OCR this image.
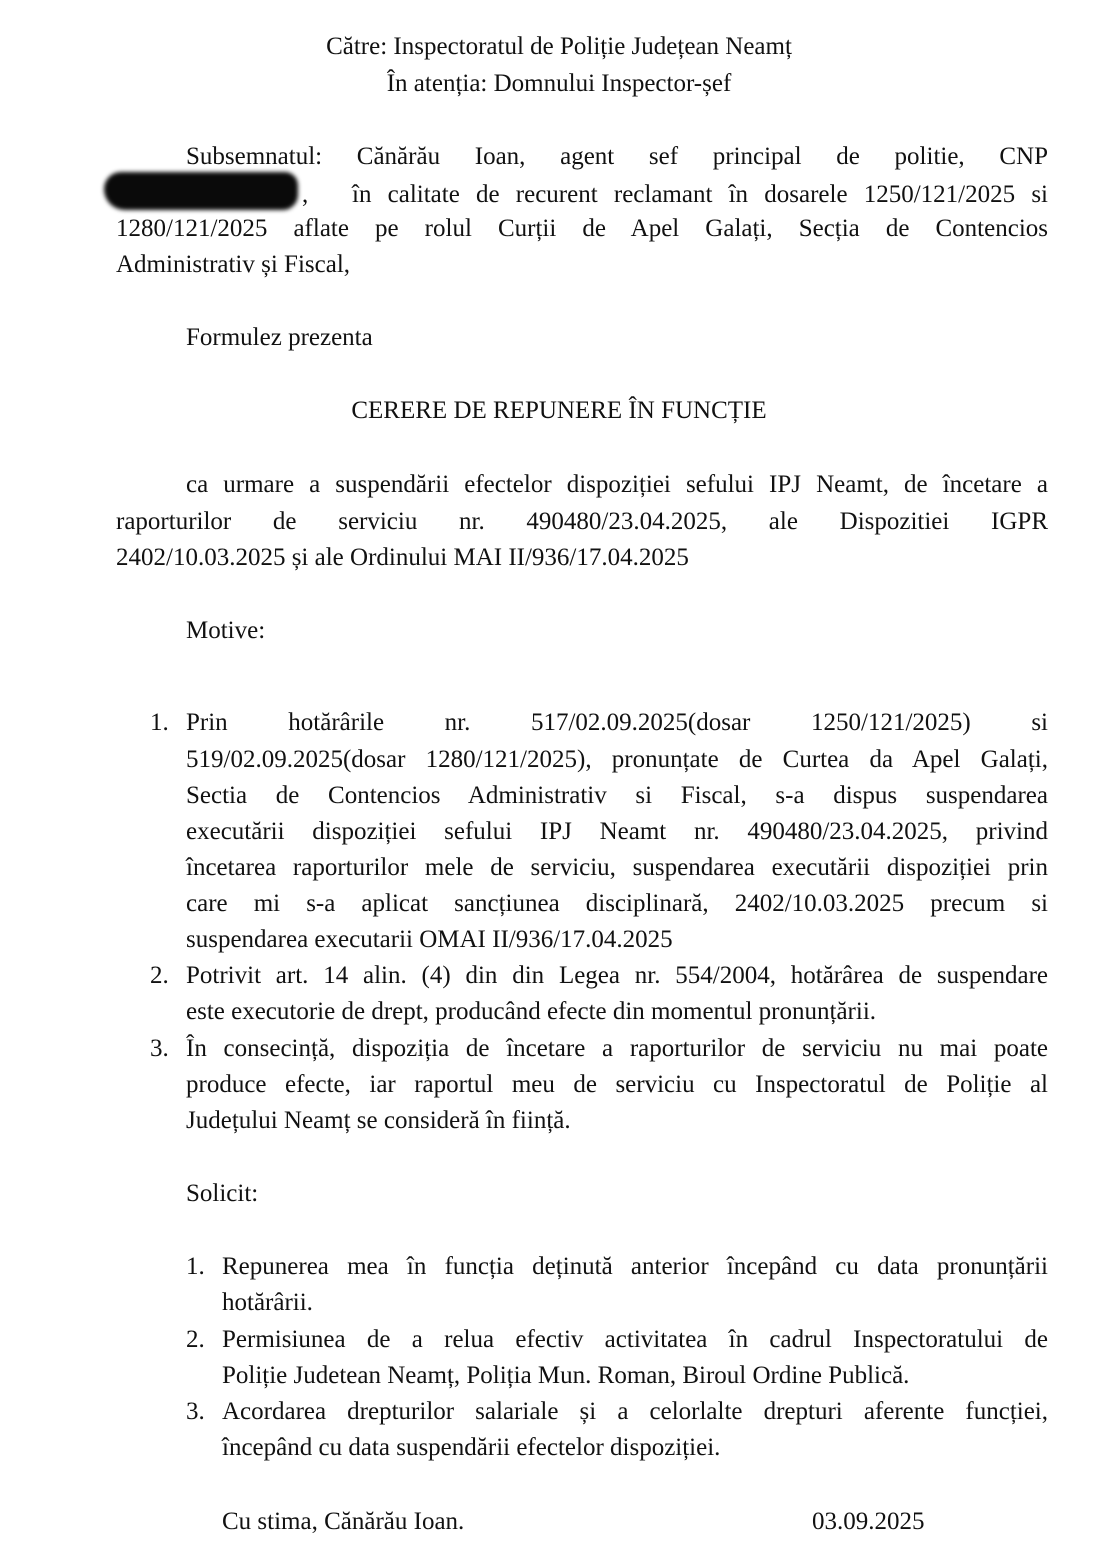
Către: Inspectoratul de Poliție Județean Neamț
În atenția: Domnului Inspector-șef
Subsemnatul: Cănărău Ioan, agent sef principal de politie, CNP
, în calitate de recurent reclamant în dosarele 1250/121/2025 si
1280/121/2025 aflate pe rolul Curții de Apel Galați, Secția de Contencios
Administrativ și Fiscal,
Formulez prezenta
CERERE DE REPUNERE ÎN FUNCȚIE
ca urmare a suspendării efectelor dispoziției sefului IPJ Neamt, de încetare a
raporturilor de serviciu nr. 490480/23.04.2025, ale Dispozitiei IGPR
2402/10.03.2025 și ale Ordinului MAI II/936/17.04.2025
Motive:
1. Prin hotărârile nr. 517/02.09.2025(dosar 1250/121/2025) si
519/02.09.2025(dosar 1280/121/2025), pronunțate de Curtea da Apel Galați,
Sectia de Contencios Administrativ si Fiscal, s-a dispus suspendarea
executării dispoziției sefului IPJ Neamt nr. 490480/23.04.2025, privind
încetarea raporturilor mele de serviciu, suspendarea executării dispoziției prin
care mi s-a aplicat sancțiunea disciplinară, 2402/10.03.2025 precum si
suspendarea executarii OMAI II/936/17.04.2025
2. Potrivit art. 14 alin. (4) din din Legea nr. 554/2004, hotărârea de suspendare
este executorie de drept, producând efecte din momentul pronunțării.
3. În consecință, dispoziția de încetare a raporturilor de serviciu nu mai poate
produce efecte, iar raportul meu de serviciu cu Inspectoratul de Poliție al
Județului Neamț se consideră în ființă.
Solicit:
1. Repunerea mea în funcția deținută anterior începând cu data pronunțării
hotărârii.
2. Permisiunea de a relua efectiv activitatea în cadrul Inspectoratului de
Poliție Judetean Neamț, Poliția Mun. Roman, Biroul Ordine Publică.
3. Acordarea drepturilor salariale și a celorlalte drepturi aferente funcției,
începând cu data suspendării efectelor dispoziției.
Cu stima, Cănărău Ioan.	03.09.2025
